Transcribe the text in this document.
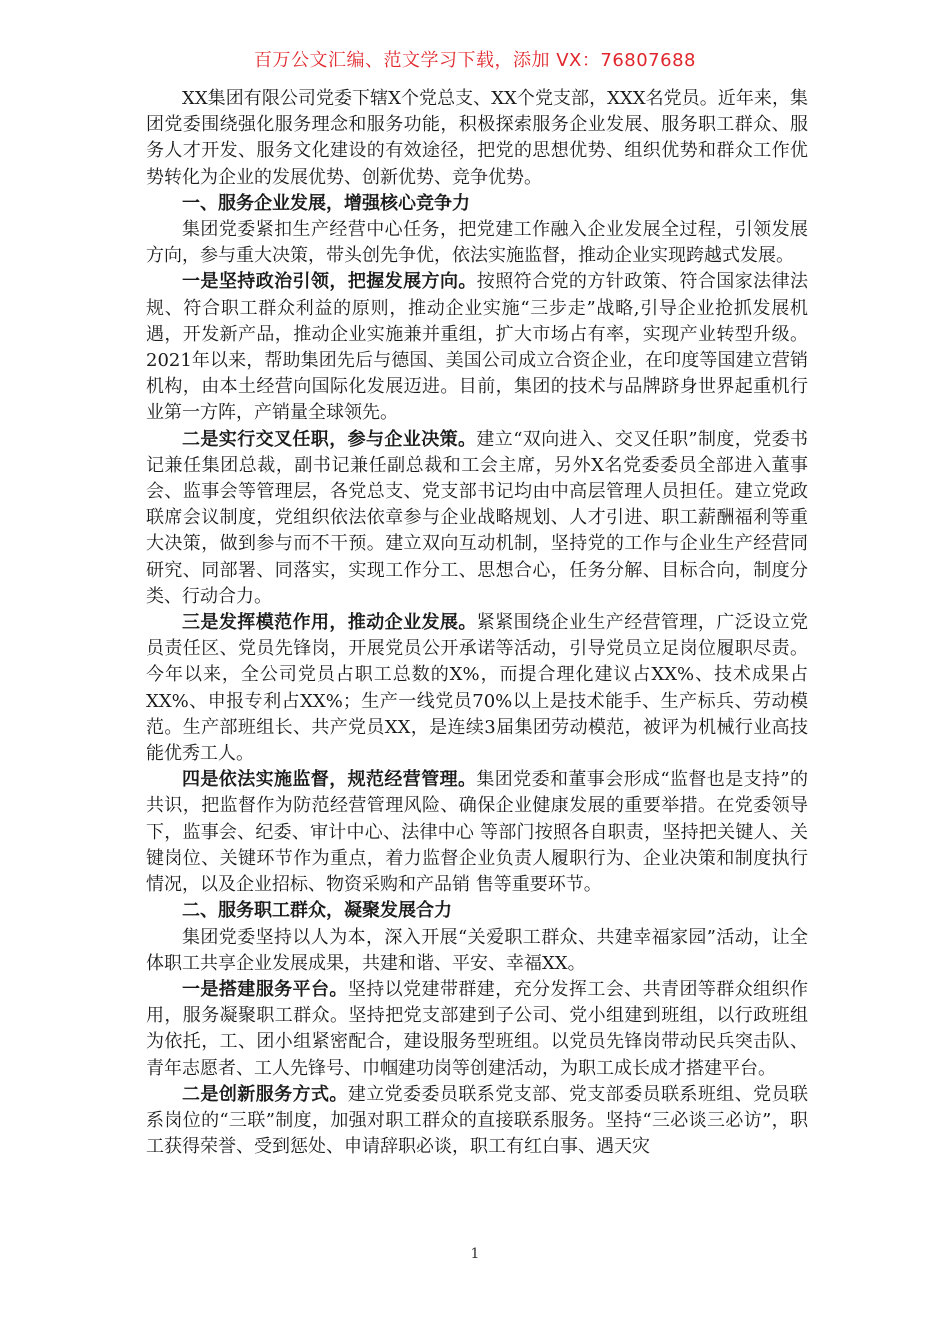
百万公文汇编、范文学习下载，添加 VX：76807688

XX集团有限公司党委下辖X个党总支、XX个党支部，XXX名党员。近年来，集团党委围绕强化服务理念和服务功能，积极探索服务企业发展、服务职工群众、服务人才开发、服务文化建设的有效途径，把党的思想优势、组织优势和群众工作优势转化为企业的发展优势、创新优势、竞争优势。

一、服务企业发展，增强核心竞争力

集团党委紧扣生产经营中心任务，把党建工作融入企业发展全过程，引领发展方向，参与重大决策，带头创先争优，依法实施监督，推动企业实现跨越式发展。

一是坚持政治引领，把握发展方向。按照符合党的方针政策、符合国家法律法规、符合职工群众利益的原则，推动企业实施“三步走”战略,引导企业抢抓发展机遇，开发新产品，推动企业实施兼并重组，扩大市场占有率，实现产业转型升级。2021年以来，帮助集团先后与德国、美国公司成立合资企业，在印度等国建立营销机构，由本土经营向国际化发展迈进。目前，集团的技术与品牌跻身世界起重机行业第一方阵，产销量全球领先。

二是实行交叉任职，参与企业决策。建立“双向进入、交叉任职”制度，党委书记兼任集团总裁，副书记兼任副总裁和工会主席，另外X名党委委员全部进入董事会、监事会等管理层，各党总支、党支部书记均由中高层管理人员担任。建立党政联席会议制度，党组织依法依章参与企业战略规划、人才引进、职工薪酬福利等重大决策，做到参与而不干预。建立双向互动机制，坚持党的工作与企业生产经营同研究、同部署、同落实，实现工作分工、思想合心，任务分解、目标合向，制度分类、行动合力。

三是发挥模范作用，推动企业发展。紧紧围绕企业生产经营管理，广泛设立党员责任区、党员先锋岗，开展党员公开承诺等活动，引导党员立足岗位履职尽责。今年以来，全公司党员占职工总数的X%，而提合理化建议占XX%、技术成果占XX%、申报专利占XX%；生产一线党员70%以上是技术能手、生产标兵、劳动模范。生产部班组长、共产党员XX，是连续3届集团劳动模范，被评为机械行业高技能优秀工人。

四是依法实施监督，规范经营管理。集团党委和董事会形成“监督也是支持”的共识，把监督作为防范经营管理风险、确保企业健康发展的重要举措。在党委领导下，监事会、纪委、审计中心、法律中心 等部门按照各自职责，坚持把关键人、关键岗位、关键环节作为重点，着力监督企业负责人履职行为、企业决策和制度执行情况，以及企业招标、物资采购和产品销 售等重要环节。

二、服务职工群众，凝聚发展合力

集团党委坚持以人为本，深入开展“关爱职工群众、共建幸福家园”活动，让全体职工共享企业发展成果，共建和谐、平安、幸福XX。

一是搭建服务平台。坚持以党建带群建，充分发挥工会、共青团等群众组织作用，服务凝聚职工群众。坚持把党支部建到子公司、党小组建到班组，以行政班组为依托，工、团小组紧密配合，建设服务型班组。以党员先锋岗带动民兵突击队、青年志愿者、工人先锋号、巾帼建功岗等创建活动，为职工成长成才搭建平台。

二是创新服务方式。建立党委委员联系党支部、党支部委员联系班组、党员联系岗位的“三联”制度，加强对职工群众的直接联系服务。坚持“三必谈三必访”，职工获得荣誉、受到惩处、申请辞职必谈，职工有红白事、遇天灾

1
